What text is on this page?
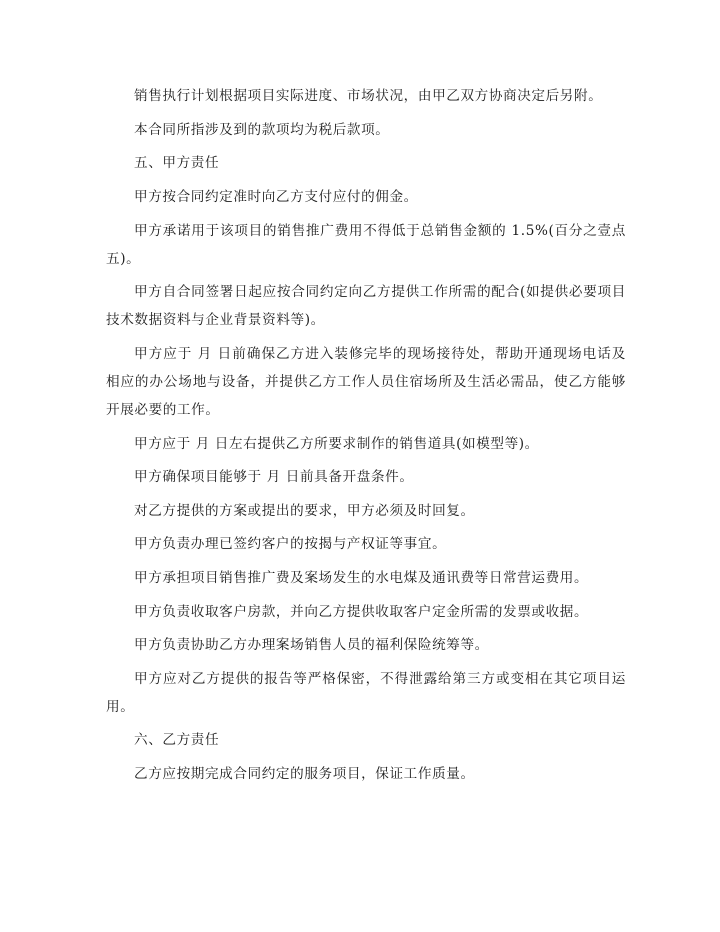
销售执行计划根据项目实际进度、市场状况，由甲乙双方协商决定后另附。

本合同所指涉及到的款项均为税后款项。

五、甲方责任

甲方按合同约定准时向乙方支付应付的佣金。

甲方承诺用于该项目的销售推广费用不得低于总销售金额的 1.5%(百分之壹点五)。

甲方自合同签署日起应按合同约定向乙方提供工作所需的配合(如提供必要项目技术数据资料与企业背景资料等)。

甲方应于 月 日前确保乙方进入装修完毕的现场接待处，帮助开通现场电话及相应的办公场地与设备，并提供乙方工作人员住宿场所及生活必需品，使乙方能够开展必要的工作。

甲方应于 月 日左右提供乙方所要求制作的销售道具(如模型等)。

甲方确保项目能够于 月 日前具备开盘条件。

对乙方提供的方案或提出的要求，甲方必须及时回复。

甲方负责办理已签约客户的按揭与产权证等事宜。

甲方承担项目销售推广费及案场发生的水电煤及通讯费等日常营运费用。

甲方负责收取客户房款，并向乙方提供收取客户定金所需的发票或收据。

甲方负责协助乙方办理案场销售人员的福利保险统筹等。

甲方应对乙方提供的报告等严格保密，不得泄露给第三方或变相在其它项目运用。

六、乙方责任

乙方应按期完成合同约定的服务项目，保证工作质量。
